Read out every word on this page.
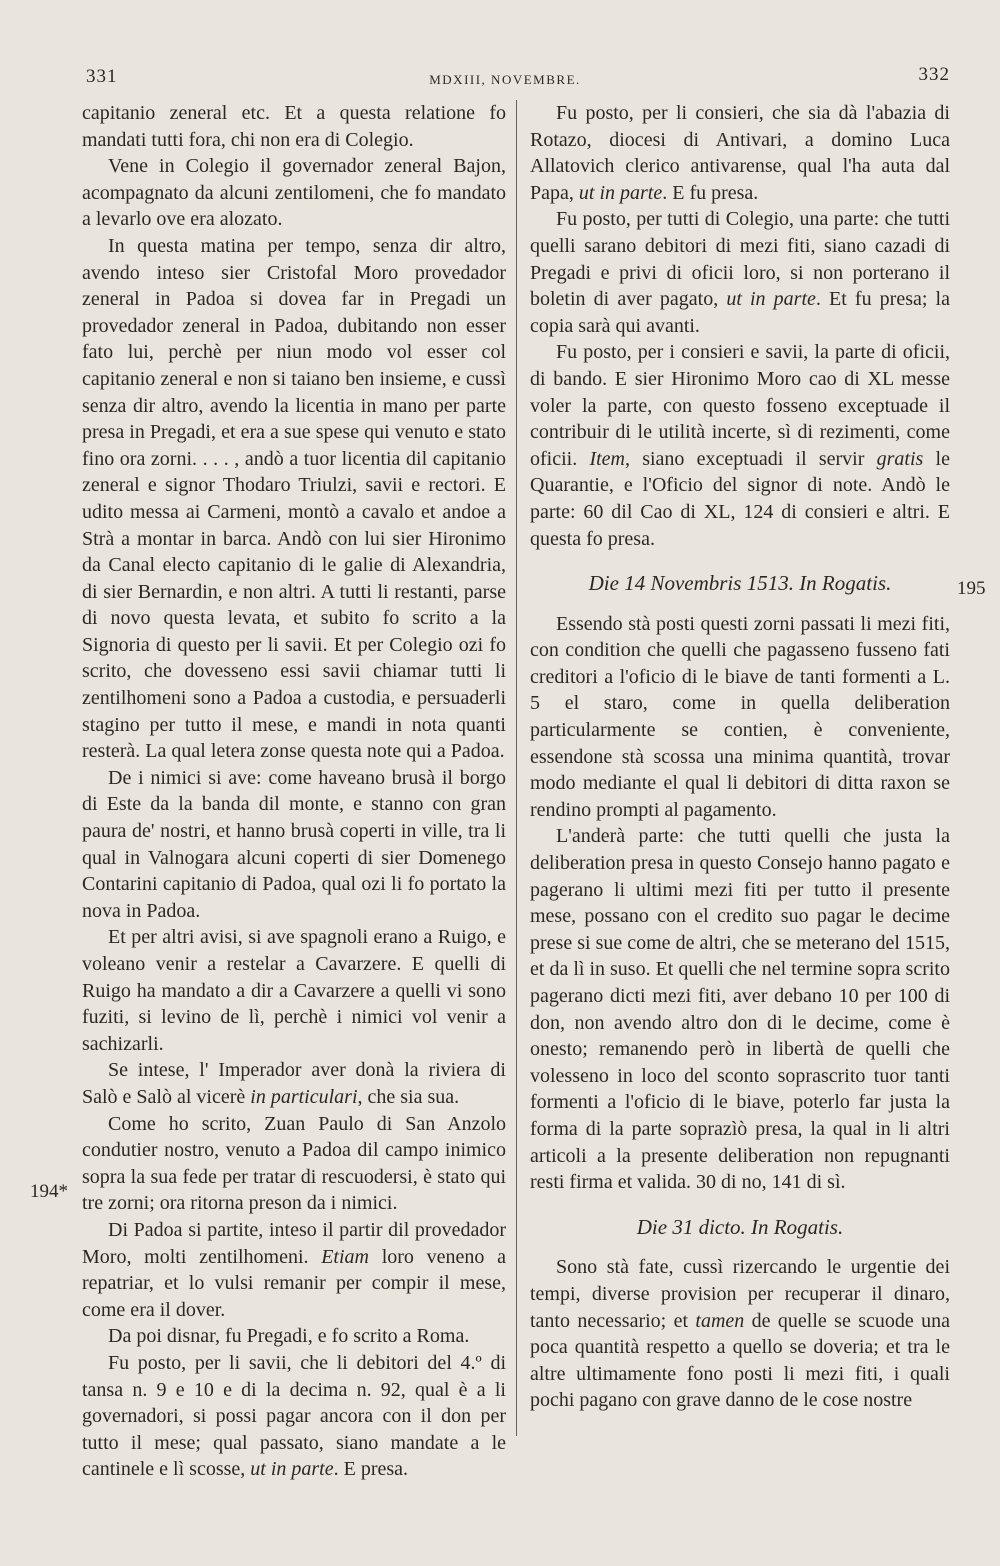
331	MDXIII, NOVEMBRE.	332

capitanio zeneral etc. Et a questa relatione fo mandati tutti fora, chi non era di Colegio.

Vene in Colegio il governador zeneral Bajon, acompagnato da alcuni zentilomeni, che fo mandato a levarlo ove era alozato.

In questa matina per tempo, senza dir altro, avendo inteso sier Cristofal Moro provedador zeneral in Padoa si dovea far in Pregadi un provedador zeneral in Padoa, dubitando non esser fato lui, perchè per niun modo vol esser col capitanio zeneral e non si taiano ben insieme, e cussì senza dir altro, avendo la licentia in mano per parte presa in Pregadi, et era a sue spese qui venuto e stato fino ora zorni. . . . , andò a tuor licentia dil capitanio zeneral e signor Thodaro Triulzi, savii e rectori. E udito messa ai Carmeni, montò a cavalo et andoe a Strà a montar in barca. Andò con lui sier Hironimo da Canal electo capitanio di le galie di Alexandria, di sier Bernardin, e non altri. A tutti li restanti, parse di novo questa levata, et subito fo scrito a la Signoria di questo per li savii. Et per Colegio ozi fo scrito, che dovesseno essi savii chiamar tutti li zentilhomeni sono a Padoa a custodia, e persuaderli stagino per tutto il mese, e mandi in nota quanti resterà. La qual letera zonse questa note qui a Padoa.

De i nimici si ave: come haveano brusà il borgo di Este da la banda dil monte, e stanno con gran paura de' nostri, et hanno brusà coperti in ville, tra li qual in Valnogara alcuni coperti di sier Domenego Contarini capitanio di Padoa, qual ozi li fo portato la nova in Padoa.

Et per altri avisi, si ave spagnoli erano a Ruigo, e voleano venir a restelar a Cavarzere. E quelli di Ruigo ha mandato a dir a Cavarzere a quelli vi sono fuziti, si levino de lì, perchè i nimici vol venir a sachizarli.

Se intese, l' Imperador aver donà la riviera di Salò e Salò al vicerè in particulari, che sia sua.

Come ho scrito, Zuan Paulo di San Anzolo condutier nostro, venuto a Padoa dil campo inimico sopra la sua fede per tratar di rescuodersi, è stato qui tre zorni; ora ritorna preson da i nimici.

Di Padoa si partite, inteso il partir dil provedador Moro, molti zentilhomeni. Etiam loro veneno a repatriar, et lo vulsi remanir per compir il mese, come era il dover.

Da poi disnar, fu Pregadi, e fo scrito a Roma.

Fu posto, per li savii, che li debitori del 4.º di tansa n. 9 e 10 e di la decima n. 92, qual è a li governadori, si possi pagar ancora con il don per tutto il mese; qual passato, siano mandate a le cantinele e lì scosse, ut in parte. E presa.

Fu posto, per li consieri, che sia dà l'abazia di Rotazo, diocesi di Antivari, a domino Luca Allatovich clerico antivarense, qual l'ha auta dal Papa, ut in parte. E fu presa.

Fu posto, per tutti di Colegio, una parte: che tutti quelli sarano debitori di mezi fiti, siano cazadi di Pregadi e privi di oficii loro, si non porterano il boletin di aver pagato, ut in parte. Et fu presa; la copia sarà qui avanti.

Fu posto, per i consieri e savii, la parte di oficii, di bando. E sier Hironimo Moro cao di XL messe voler la parte, con questo fosseno exceptuade il contribuir di le utilità incerte, sì di rezimenti, come oficii. Item, siano exceptuadi il servir gratis le Quarantie, e l'Oficio del signor di note. Andò le parte: 60 dil Cao di XL, 124 di consieri e altri. E questa fo presa.

Die 14 Novembris 1513. In Rogatis.

Essendo stà posti questi zorni passati li mezi fiti, con condition che quelli che pagasseno fusseno fati creditori a l'oficio di le biave de tanti formenti a L. 5 el staro, come in quella deliberation particularmente se contien, è conveniente, essendone stà scossa una minima quantità, trovar modo mediante el qual li debitori di ditta raxon se rendino prompti al pagamento.

L'anderà parte: che tutti quelli che justa la deliberation presa in questo Consejo hanno pagato e pagerano li ultimi mezi fiti per tutto il presente mese, possano con el credito suo pagar le decime prese si sue come de altri, che se meterano del 1515, et da lì in suso. Et quelli che nel termine sopra scrito pagerano dicti mezi fiti, aver debano 10 per 100 di don, non avendo altro don di le decime, come è onesto; remanendo però in libertà de quelli che volesseno in loco del sconto soprascrito tuor tanti formenti a l'oficio di le biave, poterlo far justa la forma di la parte soprazìò presa, la qual in li altri articoli a la presente deliberation non repugnanti resti firma et valida. 30 di no, 141 di sì.

Die 31 dicto. In Rogatis.

Sono stà fate, cussì rizercando le urgentie dei tempi, diverse provision per recuperar il dinaro, tanto necessario; et tamen de quelle se scuode una poca quantità respetto a quello se doveria; et tra le altre ultimamente fono posti li mezi fiti, i quali pochi pagano con grave danno de le cose nostre

194*
195
